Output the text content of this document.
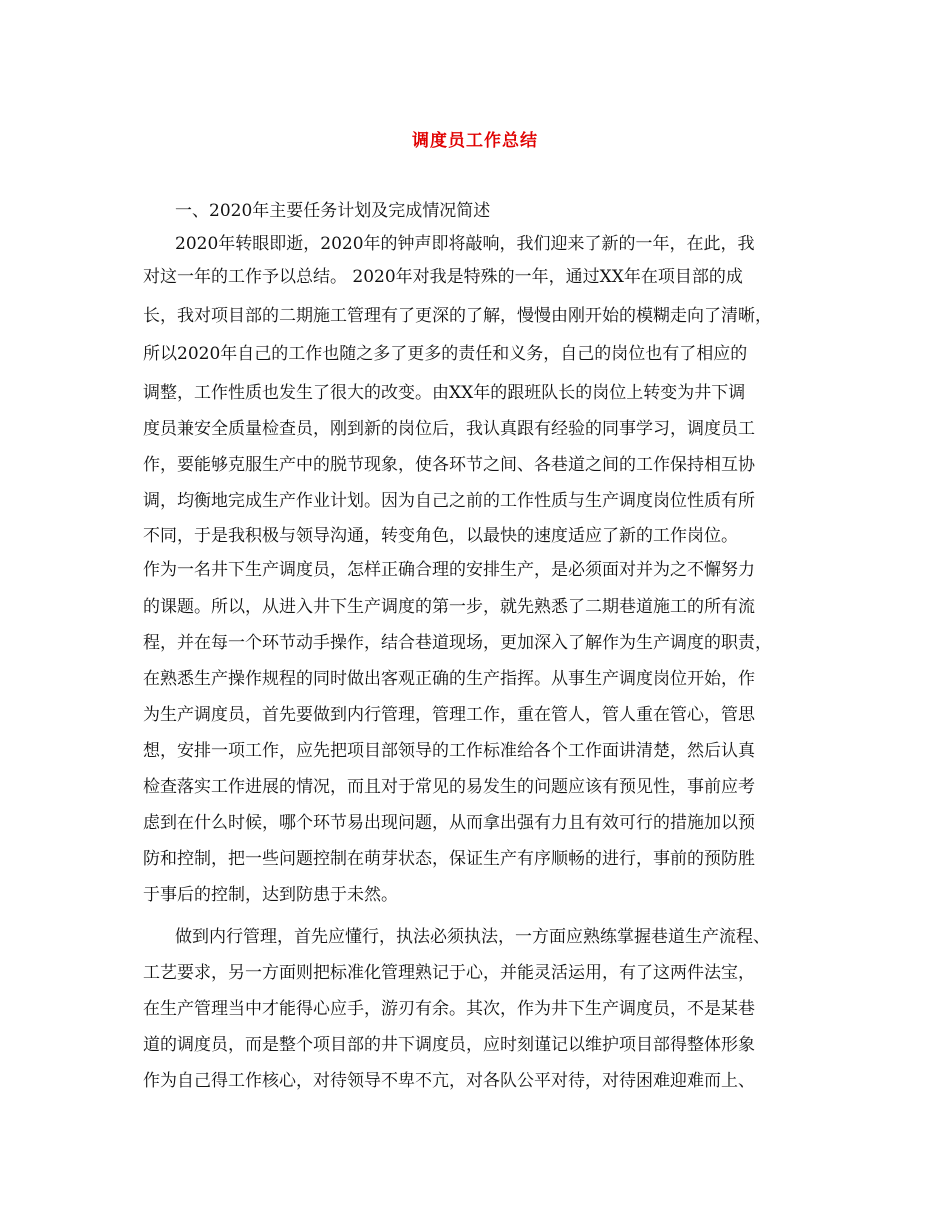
调度员工作总结
一、2020年主要任务计划及完成情况简述
2020年转眼即逝，2020年的钟声即将敲响，我们迎来了新的一年，在此，我
对这一年的工作予以总结。 2020年对我是特殊的一年，通过XX年在项目部的成
长，我对项目部的二期施工管理有了更深的了解，慢慢由刚开始的模糊走向了清晰，
所以2020年自己的工作也随之多了更多的责任和义务，自己的岗位也有了相应的
调整，工作性质也发生了很大的改变。由XX年的跟班队长的岗位上转变为井下调
度员兼安全质量检查员，刚到新的岗位后，我认真跟有经验的同事学习，调度员工
作，要能够克服生产中的脱节现象，使各环节之间、各巷道之间的工作保持相互协
调，均衡地完成生产作业计划。因为自己之前的工作性质与生产调度岗位性质有所
不同，于是我积极与领导沟通，转变角色，以最快的速度适应了新的工作岗位。
作为一名井下生产调度员，怎样正确合理的安排生产，是必须面对并为之不懈努力
的课题。所以，从进入井下生产调度的第一步，就先熟悉了二期巷道施工的所有流
程，并在每一个环节动手操作，结合巷道现场，更加深入了解作为生产调度的职责，
在熟悉生产操作规程的同时做出客观正确的生产指挥。从事生产调度岗位开始，作
为生产调度员，首先要做到内行管理，管理工作，重在管人，管人重在管心，管思
想，安排一项工作，应先把项目部领导的工作标准给各个工作面讲清楚，然后认真
检查落实工作进展的情况，而且对于常见的易发生的问题应该有预见性，事前应考
虑到在什么时候，哪个环节易出现问题，从而拿出强有力且有效可行的措施加以预
防和控制，把一些问题控制在萌芽状态，保证生产有序顺畅的进行，事前的预防胜
于事后的控制，达到防患于未然。
做到内行管理，首先应懂行，执法必须执法，一方面应熟练掌握巷道生产流程、
工艺要求，另一方面则把标准化管理熟记于心，并能灵活运用，有了这两件法宝，
在生产管理当中才能得心应手，游刃有余。其次，作为井下生产调度员，不是某巷
道的调度员，而是整个项目部的井下调度员，应时刻谨记以维护项目部得整体形象
作为自己得工作核心，对待领导不卑不亢，对各队公平对待，对待困难迎难而上、
